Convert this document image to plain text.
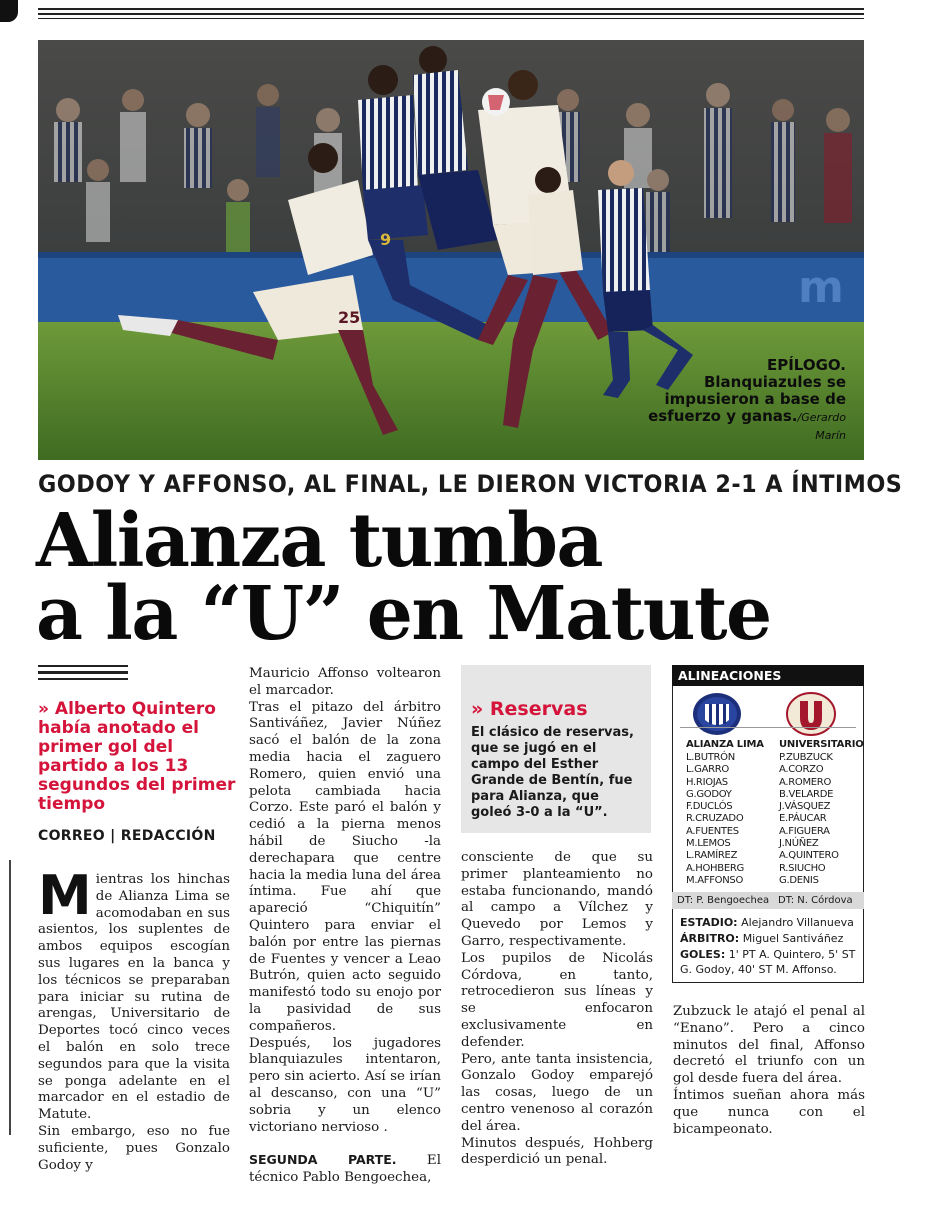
m
25
9
EPÍLOGO.
Blanquiazules se impusieron a base de esfuerzo y ganas./Gerardo Marín
GODOY Y AFFONSO, AL FINAL, LE DIERON VICTORIA 2-1 A ÍNTIMOS
Alianza tumba
a la “U” en Matute
» Alberto Quintero había anotado el primer gol del partido a los 13 segundos del primer tiempo
CORREO | REDACCIÓN
M ientras los hinchas de Alianza Lima se acomodaban en sus asientos, los suplentes de ambos equipos escogían sus lugares en la banca y los técnicos se preparaban para iniciar su rutina de arengas, Universitario de Deportes tocó cinco veces el balón en solo trece segundos para que la visita se ponga adelante en el marcador en el estadio de Matute.

Sin embargo, eso no fue suficiente, pues Gonzalo Godoy y

Mauricio Affonso voltearon el marcador.

Tras el pitazo del árbitro Santiváñez, Javier Núñez sacó el balón de la zona media hacia el zaguero Romero, quien envió una pelota cambiada hacia Corzo. Este paró el balón y cedió a la pierna menos hábil de Siucho -la derechapara que centre hacia la media luna del área íntima. Fue ahí que apareció “Chiquitín” Quintero para enviar el balón por entre las piernas de Fuentes y vencer a Leao Butrón, quien acto seguido manifestó todo su enojo por la pasividad de sus compañeros.

Después, los jugadores blanquiazules intentaron, pero sin acierto. Así se irían al descanso, con una “U” sobria y un elenco victoriano nervioso .

SEGUNDA PARTE. El técnico Pablo Bengoechea,

» Reservas
El clásico de reservas, que se jugó en el campo del Esther Grande de Bentín, fue para Alianza, que goleó 3-0 a la “U”.

consciente de que su primer planteamiento no estaba funcionando, mandó al campo a Vílchez y Quevedo por Lemos y Garro, respectivamente.

Los pupilos de Nicolás Córdova, en tanto, retrocedieron sus líneas y se enfocaron exclusivamente en defender.

Pero, ante tanta insistencia, Gonzalo Godoy emparejó las cosas, luego de un centro venenoso al corazón del área.

Minutos después, Hohberg desperdició un penal.

ALINEACIONES
ALIANZA LIMA UNIVERSITARIO
L.BUTRÓN
L.GARRO
H.RIOJAS
G.GODOY
F.DUCLÓS
R.CRUZADO
A.FUENTES
M.LEMOS
L.RAMÍREZ
A.HOHBERG
M.AFFONSO
P.ZUBZUCK
A.CORZO
A.ROMERO
B.VELARDE
J.VÁSQUEZ
E.PÁUCAR
A.FIGUERA
J.NÚÑEZ
A.QUINTERO
R.SIUCHO
G.DENIS
DT: P. Bengoechea DT: N. Córdova
ESTADIO: Alejandro Villanueva
ÁRBITRO: Miguel Santiváñez
GOLES: 1' PT A. Quintero, 5' ST G. Godoy, 40' ST M. Affonso.

Zubzuck le atajó el penal al “Enano”. Pero a cinco minutos del final, Affonso decretó el triunfo con un gol desde fuera del área.

Íntimos sueñan ahora más que nunca con el bicampeonato.
